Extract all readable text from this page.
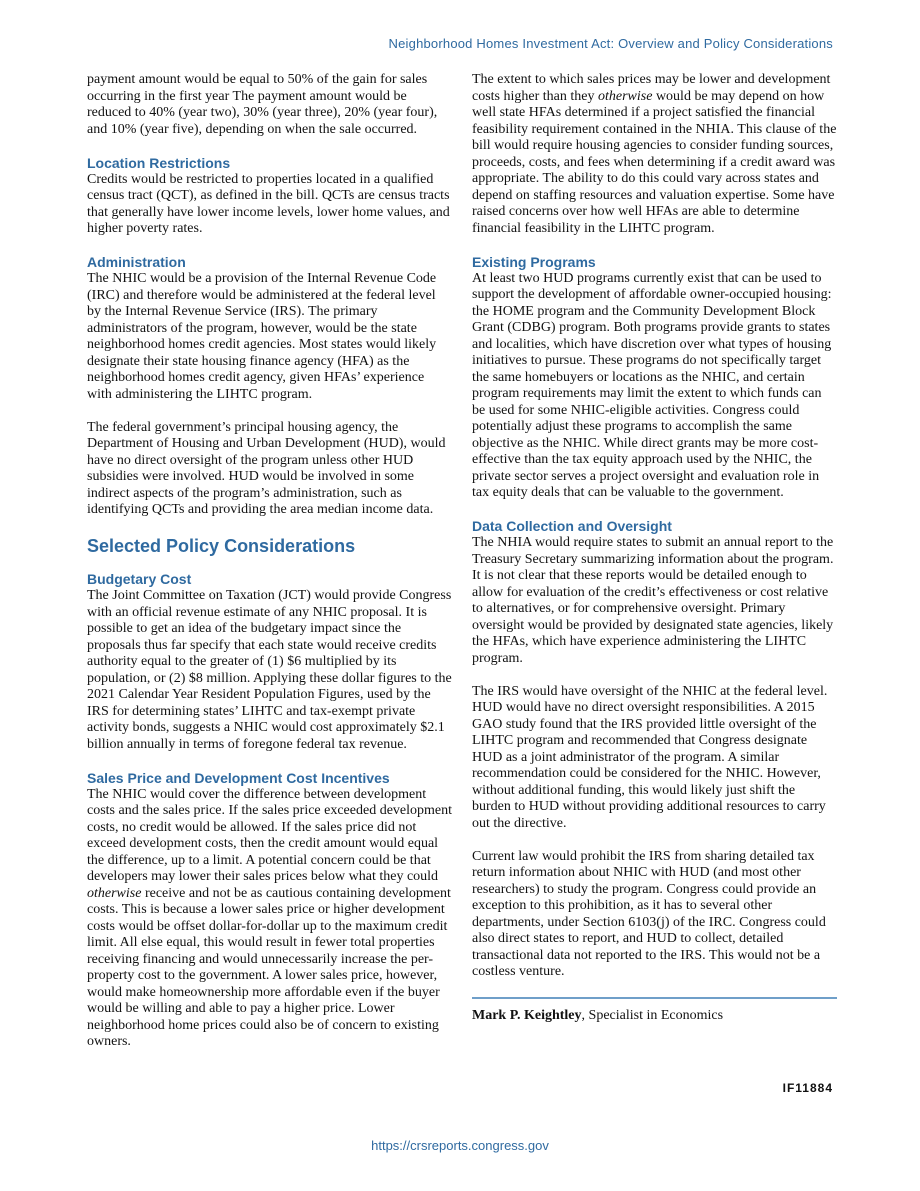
Neighborhood Homes Investment Act: Overview and Policy Considerations

payment amount would be equal to 50% of the gain for sales occurring in the first year The payment amount would be reduced to 40% (year two), 30% (year three), 20% (year four), and 10% (year five), depending on when the sale occurred.

Location Restrictions

Credits would be restricted to properties located in a qualified census tract (QCT), as defined in the bill. QCTs are census tracts that generally have lower income levels, lower home values, and higher poverty rates.

Administration

The NHIC would be a provision of the Internal Revenue Code (IRC) and therefore would be administered at the federal level by the Internal Revenue Service (IRS). The primary administrators of the program, however, would be the state neighborhood homes credit agencies. Most states would likely designate their state housing finance agency (HFA) as the neighborhood homes credit agency, given HFAs’ experience with administering the LIHTC program.

The federal government’s principal housing agency, the Department of Housing and Urban Development (HUD), would have no direct oversight of the program unless other HUD subsidies were involved. HUD would be involved in some indirect aspects of the program’s administration, such as identifying QCTs and providing the area median income data.

Selected Policy Considerations
Budgetary Cost

The Joint Committee on Taxation (JCT) would provide Congress with an official revenue estimate of any NHIC proposal. It is possible to get an idea of the budgetary impact since the proposals thus far specify that each state would receive credits authority equal to the greater of (1) $6 multiplied by its population, or (2) $8 million. Applying these dollar figures to the 2021 Calendar Year Resident Population Figures, used by the IRS for determining states’ LIHTC and tax-exempt private activity bonds, suggests a NHIC would cost approximately $2.1 billion annually in terms of foregone federal tax revenue.

Sales Price and Development Cost Incentives

The NHIC would cover the difference between development costs and the sales price. If the sales price exceeded development costs, no credit would be allowed. If the sales price did not exceed development costs, then the credit amount would equal the difference, up to a limit. A potential concern could be that developers may lower their sales prices below what they could otherwise receive and not be as cautious containing development costs. This is because a lower sales price or higher development costs would be offset dollar-for-dollar up to the maximum credit limit. All else equal, this would result in fewer total properties receiving financing and would unnecessarily increase the per-property cost to the government. A lower sales price, however, would make homeownership more affordable even if the buyer would be willing and able to pay a higher price. Lower neighborhood home prices could also be of concern to existing owners.

The extent to which sales prices may be lower and development costs higher than they otherwise would be may depend on how well state HFAs determined if a project satisfied the financial feasibility requirement contained in the NHIA. This clause of the bill would require housing agencies to consider funding sources, proceeds, costs, and fees when determining if a credit award was appropriate. The ability to do this could vary across states and depend on staffing resources and valuation expertise. Some have raised concerns over how well HFAs are able to determine financial feasibility in the LIHTC program.

Existing Programs

At least two HUD programs currently exist that can be used to support the development of affordable owner-occupied housing: the HOME program and the Community Development Block Grant (CDBG) program. Both programs provide grants to states and localities, which have discretion over what types of housing initiatives to pursue. These programs do not specifically target the same homebuyers or locations as the NHIC, and certain program requirements may limit the extent to which funds can be used for some NHIC-eligible activities. Congress could potentially adjust these programs to accomplish the same objective as the NHIC. While direct grants may be more cost-effective than the tax equity approach used by the NHIC, the private sector serves a project oversight and evaluation role in tax equity deals that can be valuable to the government.

Data Collection and Oversight

The NHIA would require states to submit an annual report to the Treasury Secretary summarizing information about the program. It is not clear that these reports would be detailed enough to allow for evaluation of the credit’s effectiveness or cost relative to alternatives, or for comprehensive oversight. Primary oversight would be provided by designated state agencies, likely the HFAs, which have experience administering the LIHTC program.

The IRS would have oversight of the NHIC at the federal level. HUD would have no direct oversight responsibilities. A 2015 GAO study found that the IRS provided little oversight of the LIHTC program and recommended that Congress designate HUD as a joint administrator of the program. A similar recommendation could be considered for the NHIC. However, without additional funding, this would likely just shift the burden to HUD without providing additional resources to carry out the directive.

Current law would prohibit the IRS from sharing detailed tax return information about NHIC with HUD (and most other researchers) to study the program. Congress could provide an exception to this prohibition, as it has to several other departments, under Section 6103(j) of the IRC. Congress could also direct states to report, and HUD to collect, detailed transactional data not reported to the IRS. This would not be a costless venture.

Mark P. Keightley, Specialist in Economics

IF11884
https://crsreports.congress.gov
